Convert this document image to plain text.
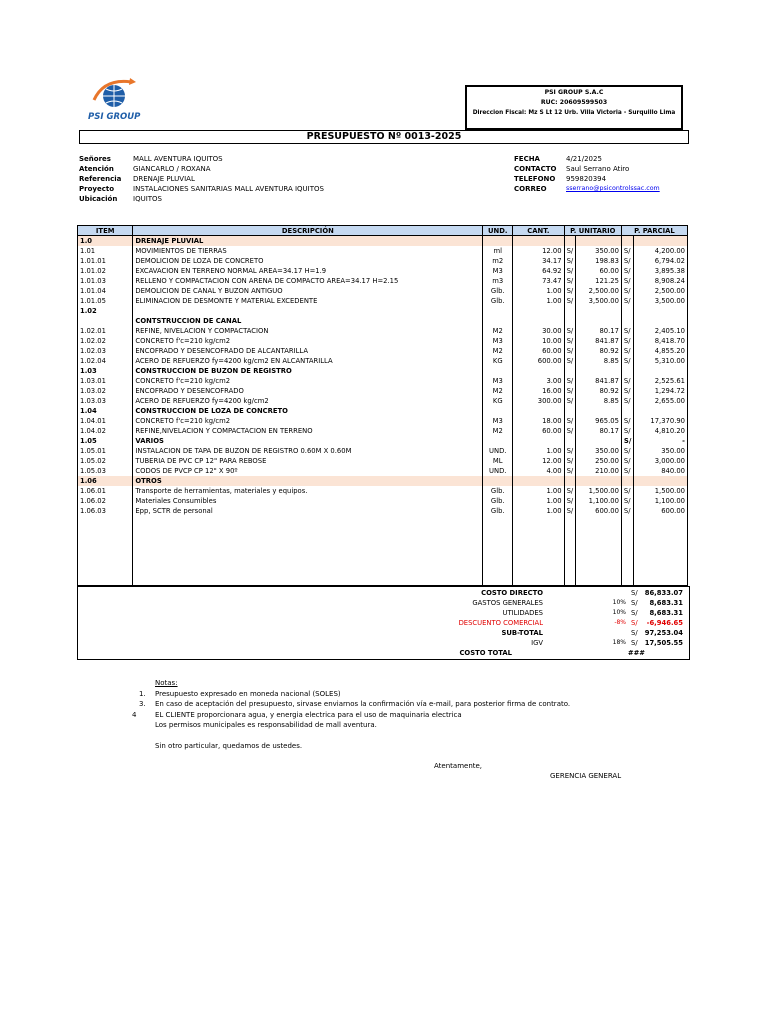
PSI GROUP
PSI GROUP S.A.C
RUC: 20609599503
Direccion Fiscal: Mz S Lt 12 Urb. Villa Victoria - Surquillo Lima
PRESUPUESTO Nº 0013-2025
Señores	MALL AVENTURA IQUITOS
Atención	GIANCARLO / ROXANA
Referencia DRENAJE PLUVIAL
Proyecto	INSTALACIONES SANITARIAS MALL AVENTURA IQUITOS
Ubicación IQUITOS
FECHA	4/21/2025
CONTACTO Saul Serrano Atiro
TELEFONO 959820394
CORREO	sserrano@psicontrolssac.com
ITEM	DESCRIPCIÓN	UND.	CANT.	P. UNITARIO		P. PARCIAL	
1.0	DRENAJE PLUVIAL						
1.01	MOVIMIENTOS DE TIERRAS	ml	12.00	S/	350.00	S/	4,200.00
1.01.01	DEMOLICION DE LOZA DE CONCRETO	m2	34.17	S/	198.83	S/	6,794.02
1.01.02	EXCAVACION EN TERRENO NORMAL AREA=34.17 H=1.9	M3	64.92	S/	60.00	S/	3,895.38
1.01.03	RELLENO Y COMPACTACION CON ARENA DE COMPACTO AREA=34.17 H=2.15	m3	73.47	S/	121.25	S/	8,908.24
1.01.04	DEMOLICION DE CANAL Y BUZON ANTIGUO	Glb.	1.00	S/	2,500.00	S/	2,500.00
1.01.05	ELIMINACION DE DESMONTE Y MATERIAL EXCEDENTE	Glb.	1.00	S/	3,500.00	S/	3,500.00
1.02							
	CONTSTRUCCION DE CANAL						
1.02.01	REFINE, NIVELACION Y COMPACTACION	M2	30.00	S/	80.17	S/	2,405.10
1.02.02	CONCRETO f'c=210 kg/cm2	M3	10.00	S/	841.87	S/	8,418.70
1.02.03	ENCOFRADO Y DESENCOFRADO DE ALCANTARILLA	M2	60.00	S/	80.92	S/	4,855.20
1.02.04	ACERO DE REFUERZO fy=4200 kg/cm2 EN ALCANTARILLA	KG	600.00	S/	8.85	S/	5,310.00
1.03	CONSTRUCCION DE BUZON DE REGISTRO						
1.03.01	CONCRETO f'c=210 kg/cm2	M3	3.00	S/	841.87	S/	2,525.61
1.03.02	ENCOFRADO Y DESENCOFRADO	M2	16.00	S/	80.92	S/	1,294.72
1.03.03	ACERO DE REFUERZO fy=4200 kg/cm2	KG	300.00	S/	8.85	S/	2,655.00
1.04	CONSTRUCCION DE LOZA DE CONCRETO						
1.04.01	CONCRETO f'c=210 kg/cm2	M3	18.00	S/	965.05	S/	17,370.90
1.04.02	REFINE,NIVELACION Y COMPACTACION EN TERRENO	M2	60.00	S/	80.17	S/	4,810.20
1.05	VARIOS					S/	-
1.05.01	INSTALACION DE TAPA DE BUZON DE REGISTRO 0.60M X 0.60M	UND.	1.00	S/	350.00	S/	350.00
1.05.02	TUBERIA DE PVC CP 12" PARA REBOSE	ML	12.00	S/	250.00	S/	3,000.00
1.05.03	CODOS DE PVCP CP 12" X 90º	UND.	4.00	S/	210.00	S/	840.00
1.06	OTROS						
1.06.01	Transporte de herramientas, materiales y equipos.	Glb.	1.00	S/	1,500.00	S/	1,500.00
1.06.02	Materiales Consumibles	Glb.	1.00	S/	1,100.00	S/	1,100.00
1.06.03	Epp, SCTR de personal	Glb.	1.00	S/	600.00	S/	600.00

COSTO DIRECTO	S/ 86,833.07
GASTOS GENERALES	10% S/ 8,683.31
UTILIDADES	10% S/ 8,683.31
DESCUENTO COMERCIAL	-8% S/ -6,946.65
SUB-TOTAL	S/ 97,253.04
IGV	18% S/ 17,505.55
COSTO TOTAL	###
Notas:
1. Presupuesto expresado en moneda nacional (SOLES)
3. En caso de aceptación del presupuesto, sirvase enviarnos la confirmación vía e-mail, para posterior firma de contrato.
4	EL CLIENTE proporcionara agua, y energia electrica para el uso de maquinaria electrica
Los permisos municipales es responsabilidad de mall aventura.
Sin otro particular, quedamos de ustedes.
Atentamente,
GERENCIA GENERAL
